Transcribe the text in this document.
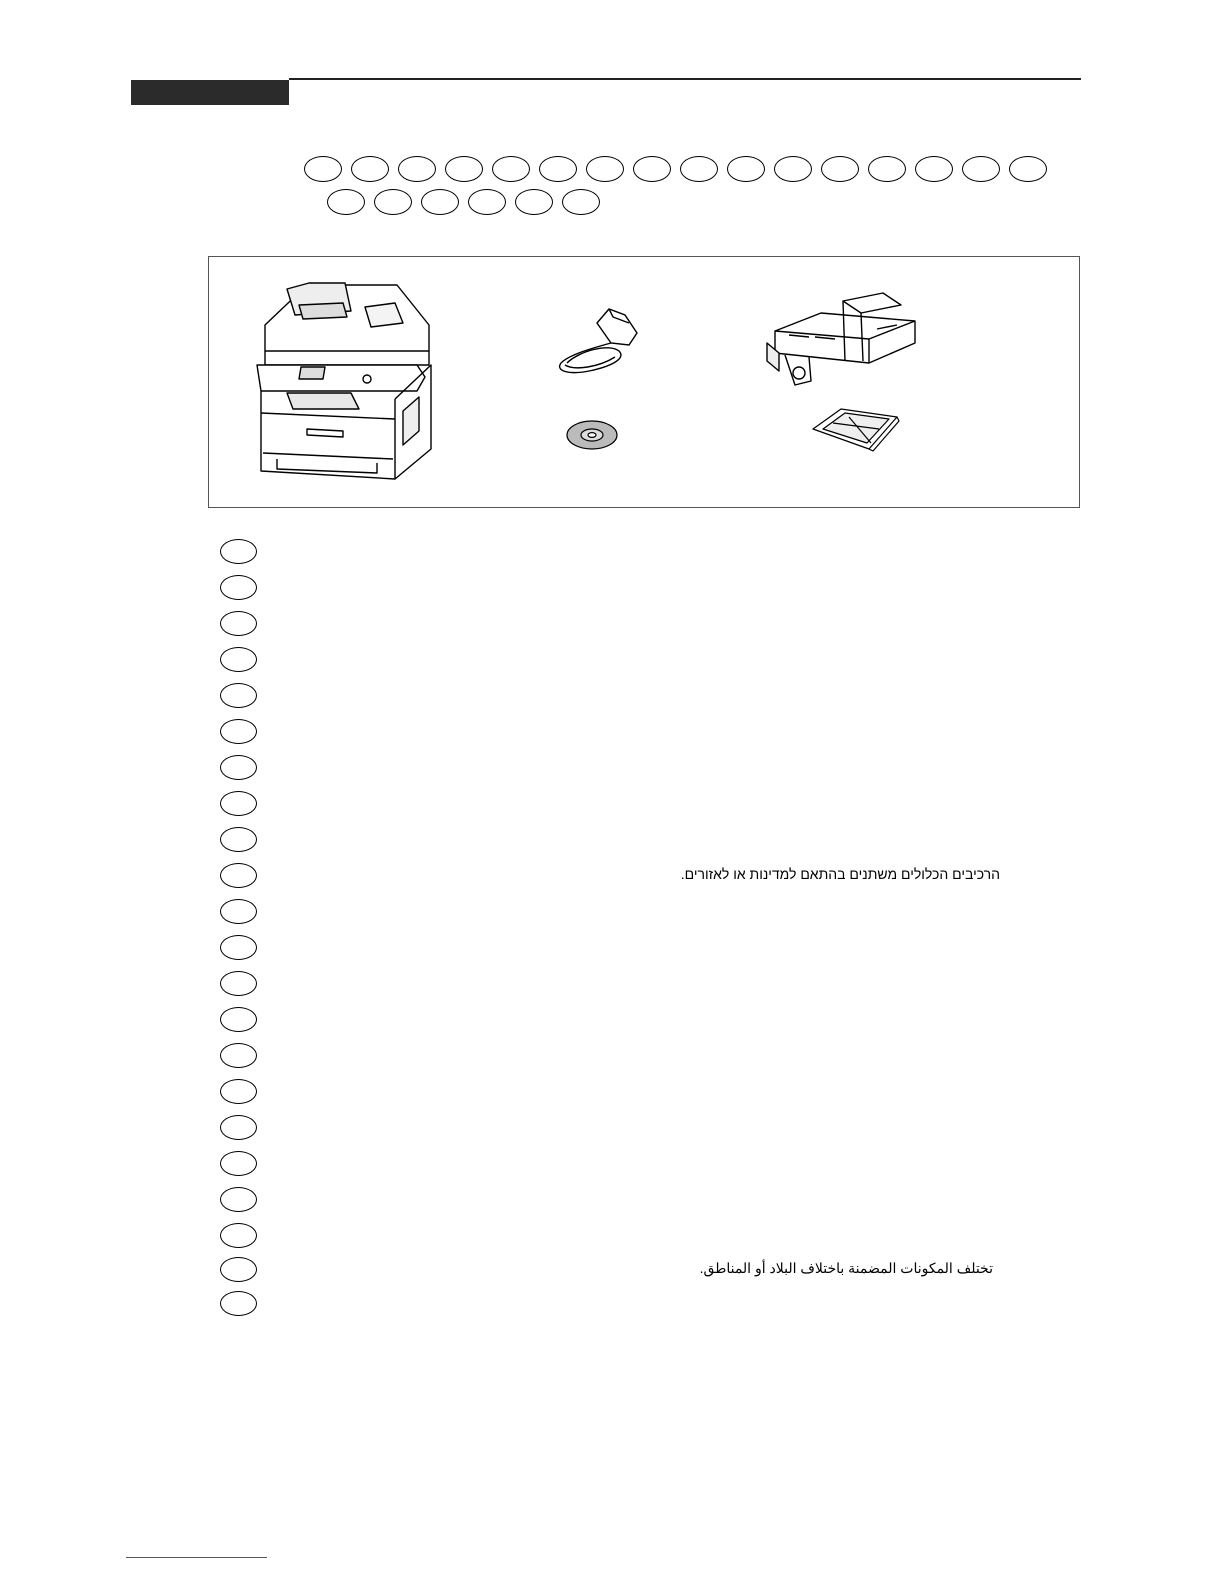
הרכיבים הכלולים משתנים בהתאם למדינות או לאזורים.
تختلف المكونات المضمنة باختلاف البلاد أو المناطق.
